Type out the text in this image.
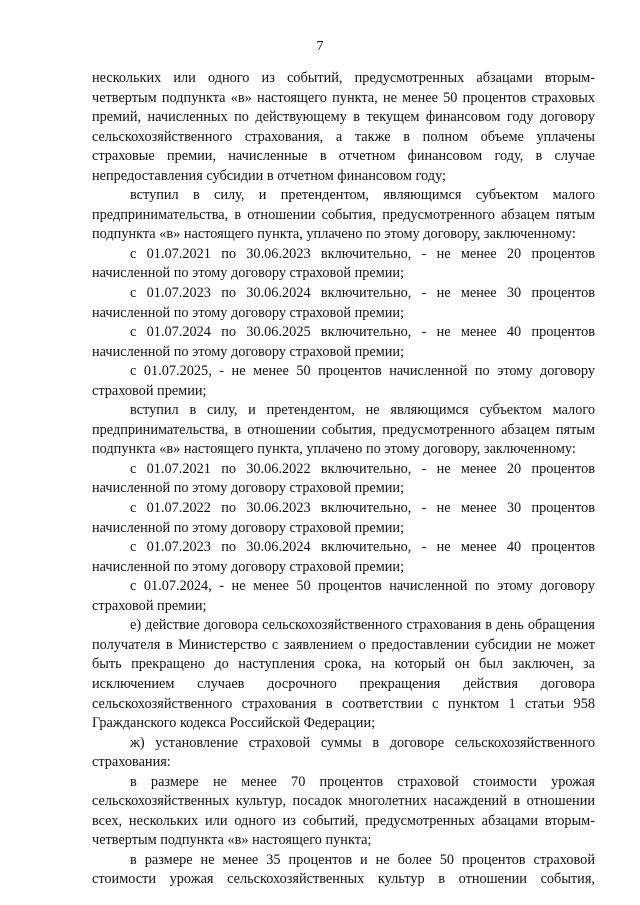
7

нескольких или одного из событий, предусмотренных абзацами вторым-четвертым подпункта «в» настоящего пункта, не менее 50 процентов страховых премий, начисленных по действующему в текущем финансовом году договору сельскохозяйственного страхования, а также в полном объеме уплачены страховые премии, начисленные в отчетном финансовом году, в случае непредоставления субсидии в отчетном финансовом году;

вступил в силу, и претендентом, являющимся субъектом малого предпринимательства, в отношении события, предусмотренного абзацем пятым подпункта «в» настоящего пункта, уплачено по этому договору, заключенному:

с 01.07.2021 по 30.06.2023 включительно, - не менее 20 процентов начисленной по этому договору страховой премии;

с 01.07.2023 по 30.06.2024 включительно, - не менее 30 процентов начисленной по этому договору страховой премии;

с 01.07.2024 по 30.06.2025 включительно, - не менее 40 процентов начисленной по этому договору страховой премии;

с 01.07.2025, - не менее 50 процентов начисленной по этому договору страховой премии;

вступил в силу, и претендентом, не являющимся субъектом малого предпринимательства, в отношении события, предусмотренного абзацем пятым подпункта «в» настоящего пункта, уплачено по этому договору, заключенному:

с 01.07.2021 по 30.06.2022 включительно, - не менее 20 процентов начисленной по этому договору страховой премии;

с 01.07.2022 по 30.06.2023 включительно, - не менее 30 процентов начисленной по этому договору страховой премии;

с 01.07.2023 по 30.06.2024 включительно, - не менее 40 процентов начисленной по этому договору страховой премии;

с 01.07.2024, - не менее 50 процентов начисленной по этому договору страховой премии;

е) действие договора сельскохозяйственного страхования в день обращения получателя в Министерство с заявлением о предоставлении субсидии не может быть прекращено до наступления срока, на который он был заключен, за исключением случаев досрочного прекращения действия договора сельскохозяйственного страхования в соответствии с пунктом 1 статьи 958 Гражданского кодекса Российской Федерации;

ж) установление страховой суммы в договоре сельскохозяйственного страхования:

в размере не менее 70 процентов страховой стоимости урожая сельскохозяйственных культур, посадок многолетних насаждений в отношении всех, нескольких или одного из событий, предусмотренных абзацами вторым-четвертым подпункта «в» настоящего пункта;

в размере не менее 35 процентов и не более 50 процентов страховой стоимости урожая сельскохозяйственных культур в отношении события,
